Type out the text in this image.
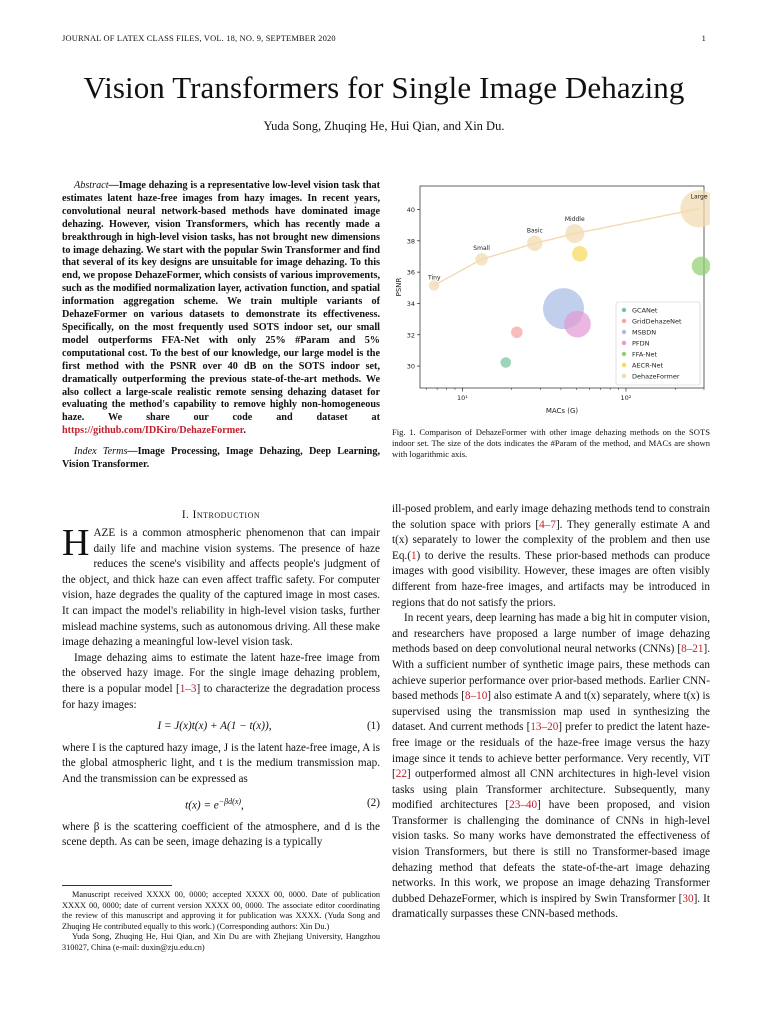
JOURNAL OF LATEX CLASS FILES, VOL. 18, NO. 9, SEPTEMBER 2020	1
Vision Transformers for Single Image Dehazing
Yuda Song, Zhuqing He, Hui Qian, and Xin Du.

Abstract—Image dehazing is a representative low-level vision task that estimates latent haze-free images from hazy images. In recent years, convolutional neural network-based methods have dominated image dehazing. However, vision Transformers, which has recently made a breakthrough in high-level vision tasks, has not brought new dimensions to image dehazing. We start with the popular Swin Transformer and find that several of its key designs are unsuitable for image dehazing. To this end, we propose DehazeFormer, which consists of various improvements, such as the modified normalization layer, activation function, and spatial information aggregation scheme. We train multiple variants of DehazeFormer on various datasets to demonstrate its effectiveness. Specifically, on the most frequently used SOTS indoor set, our small model outperforms FFA-Net with only 25% #Param and 5% computational cost. To the best of our knowledge, our large model is the first method with the PSNR over 40 dB on the SOTS indoor set, dramatically outperforming the previous state-of-the-art methods. We also collect a large-scale realistic remote sensing dehazing dataset for evaluating the method's capability to remove highly non-homogeneous haze. We share our code and dataset at https://github.com/IDKiro/DehazeFormer.

Index Terms—Image Processing, Image Dehazing, Deep Learning, Vision Transformer.

I. Introduction

HAZE is a common atmospheric phenomenon that can impair daily life and machine vision systems. The presence of haze reduces the scene's visibility and affects people's judgment of the object, and thick haze can even affect traffic safety. For computer vision, haze degrades the quality of the captured image in most cases. It can impact the model's reliability in high-level vision tasks, further mislead machine systems, such as autonomous driving. All these make image dehazing a meaningful low-level vision task.

Image dehazing aims to estimate the latent haze-free image from the observed hazy image. For the single image dehazing problem, there is a popular model [1–3] to characterize the degradation process for hazy images:

I = J(x)t(x) + A(1 − t(x)),	(1)

where I is the captured hazy image, J is the latent haze-free image, A is the global atmospheric light, and t is the medium transmission map. And the transmission can be expressed as

$t(x) = e^{-\beta d(x)}$,	(2)

where β is the scattering coefficient of the atmosphere, and d is the scene depth. As can be seen, image dehazing is a typically

Manuscript received XXXX 00, 0000; accepted XXXX 00, 0000. Date of publication XXXX 00, 0000; date of current version XXXX 00, 0000. The associate editor coordinating the review of this manuscript and approving it for publication was XXXX. (Yuda Song and Zhuqing He contributed equally to this work.) (Corresponding authors: Xin Du.)

Yuda Song, Zhuqing He, Hui Qian, and Xin Du are with Zhejiang University, Hangzhou 310027, China (e-mail: duxin@zju.edu.cn)

30
32
34
36
38
40
10¹	10²
MACs (G)
PSNR	Tiny
Small
Basic
Middle
Large
GCANet
GridDehazeNet
MSBDN
PFDN
FFA-Net
AECR-Net
DehazeFormer
Fig. 1. Comparison of DehazeFormer with other image dehazing methods on the SOTS indoor set. The size of the dots indicates the #Param of the method, and MACs are shown with logarithmic axis.

ill-posed problem, and early image dehazing methods tend to constrain the solution space with priors [4–7]. They generally estimate A and t(x) separately to lower the complexity of the problem and then use Eq.(1) to derive the results. These prior-based methods can produce images with good visibility. However, these images are often visibly different from haze-free images, and artifacts may be introduced in regions that do not satisfy the priors.

In recent years, deep learning has made a big hit in computer vision, and researchers have proposed a large number of image dehazing methods based on deep convolutional neural networks (CNNs) [8–21]. With a sufficient number of synthetic image pairs, these methods can achieve superior performance over prior-based methods. Earlier CNN-based methods [8–10] also estimate A and t(x) separately, where t(x) is supervised using the transmission map used in synthesizing the dataset. And current methods [13–20] prefer to predict the latent haze-free image or the residuals of the haze-free image versus the hazy image since it tends to achieve better performance. Very recently, ViT [22] outperformed almost all CNN architectures in high-level vision tasks using plain Transformer architecture. Subsequently, many modified architectures [23–40] have been proposed, and vision Transformer is challenging the dominance of CNNs in high-level vision tasks. So many works have demonstrated the effectiveness of vision Transformers, but there is still no Transformer-based image dehazing method that defeats the state-of-the-art image dehazing networks. In this work, we propose an image dehazing Transformer dubbed DehazeFormer, which is inspired by Swin Transformer [30]. It dramatically surpasses these CNN-based methods.
